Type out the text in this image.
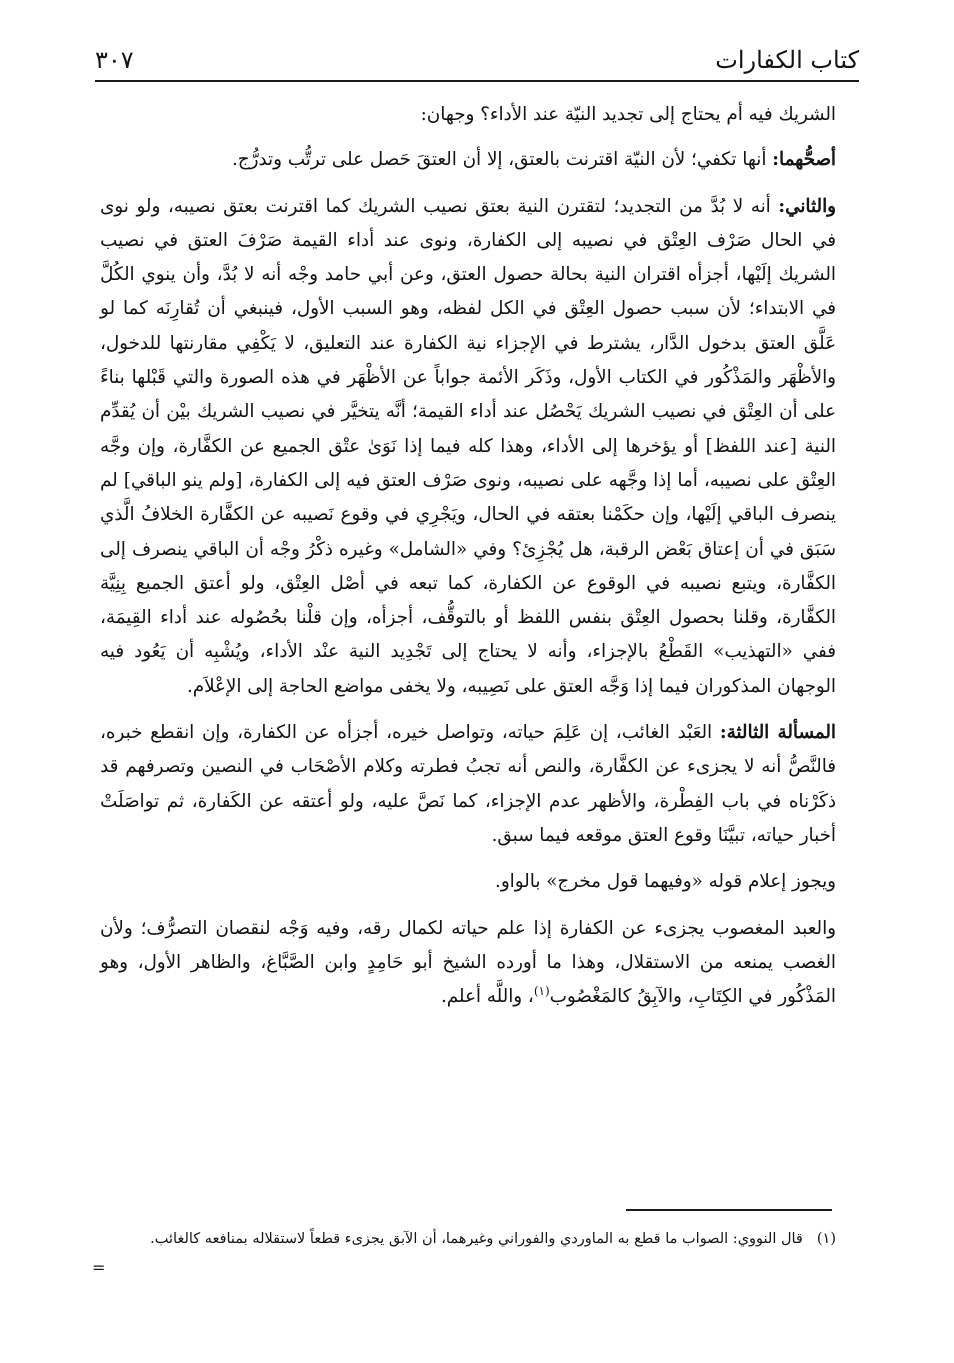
كتاب الكفارات
٣٠٧

الشريك فيه أم يحتاج إلى تجديد النيّة عند الأداء؟ وجهان:

أصحُّهما: أنها تكفي؛ لأن النيّة اقترنت بالعتق، إلا أن العتقَ حَصل على ترتُّب وتدرُّج.

والثاني: أنه لا بُدَّ من التجديد؛ لتقترن النية بعتق نصيب الشريك كما اقترنت بعتق نصيبه، ولو نوى في الحال صَرْف العِتْق في نصيبه إلى الكفارة، ونوى عند أداء القيمة صَرْفَ العتق في نصيب الشريك إلَيْها، أجزأه اقتران النية بحالة حصول العتق، وعن أبي حامد وجْه أنه لا بُدَّ، وأن ينوي الكُلَّ في الابتداء؛ لأن سبب حصول العِتْق في الكل لفظه، وهو السبب الأول، فينبغي أن تُقارِنَه كما لو عَلَّق العتق بدخول الدَّار، يشترط في الإجزاء نية الكفارة عند التعليق، لا يَكْفِي مقارنتها للدخول، والأظْهَر والمَذْكُور في الكتاب الأول، وذَكَر الأئمة جواباً عن الأظْهَر في هذه الصورة والتي قَبْلها بناءً على أن العِتْق في نصيب الشريك يَحْصُل عند أداء القيمة؛ أنَّه يتخيَّر في نصيب الشريك بيْن أن يُقدِّم النية [عند اللفظ] أو يؤخرها إلى الأداء، وهذا كله فيما إذا نَوَىٰ عتْق الجميع عن الكفَّارة، وإن وجَّه العِتْق على نصيبه، أما إذا وجَّهه على نصيبه، ونوى صَرْف العتق فيه إلى الكفارة، [ولم ينو الباقي] لم ينصرف الباقي إلَيْها، وإن حكَمْنا بعتقه في الحال، ويَجْرِي في وقوع نَصيبه عن الكفَّارة الخلافُ الَّذي سَبَق في أن إعتاق بَعْض الرقبة، هل يُجْزِئ؟ وفي «الشامل» وغيره ذكْرُ وجْه أن الباقي ينصرف إلى الكفَّارة، ويتبع نصيبه في الوقوع عن الكفارة، كما تبعه في أصْل العِتْق، ولو أعتق الجميع بِنِيَّة الكفَّارة، وقلنا بحصول العِتْق بنفس اللفظ أو بالتوقُّف، أجزأه، وإن قلْنا بحُصُوله عند أداء القِيمَة، ففي «التهذيب» القَطْعُ بالإجزاء، وأنه لا يحتاج إلى تَجْدِيد النية عنْد الأداء، ويُشْبِه أن يَعُود فيه الوجهان المذكوران فيما إذا وَجَّه العتق على نَصِيبه، ولا يخفى مواضع الحاجة إلى الإعْلاَم.

المسألة الثالثة: العَبْد الغائب، إن عَلِمَ حياته، وتواصل خيره، أجزأه عن الكفارة، وإن انقطع خبره، فالنَّصُّ أنه لا يجزىء عن الكفَّارة، والنص أنه تجبُ فطرته وكلام الأصْحَاب في النصين وتصرفهم قد ذكَرْناه في باب الفِطْرة، والأظهر عدم الإجزاء، كما نَصَّ عليه، ولو أعتقه عن الكَفارة، ثم تواصَلَتْ أخبار حياته، تبيَّنَا وقوع العتق موقعه فيما سبق.

ويجوز إعلام قوله «وفيهما قول مخرج» بالواو.

والعبد المغصوب يجزىء عن الكفارة إذا علم حياته لكمال رقه، وفيه وَجْه لنقصان التصرُّف؛ ولأن الغصب يمنعه من الاستقلال، وهذا ما أورده الشيخ أبو حَامِدٍ وابن الصَّبَّاغ، والظاهر الأول، وهو المَذْكُور في الكِتَابِ، والآبِقُ كالمَغْصُوب$^{(١)}$، واللَّه أعلم.

(١)قال النووي: الصواب ما قطع به الماوردي والفوراني وغيرهما، أن الآبق يجزىء قطعاً لاستقلاله بمنافعه كالغائب.

=
